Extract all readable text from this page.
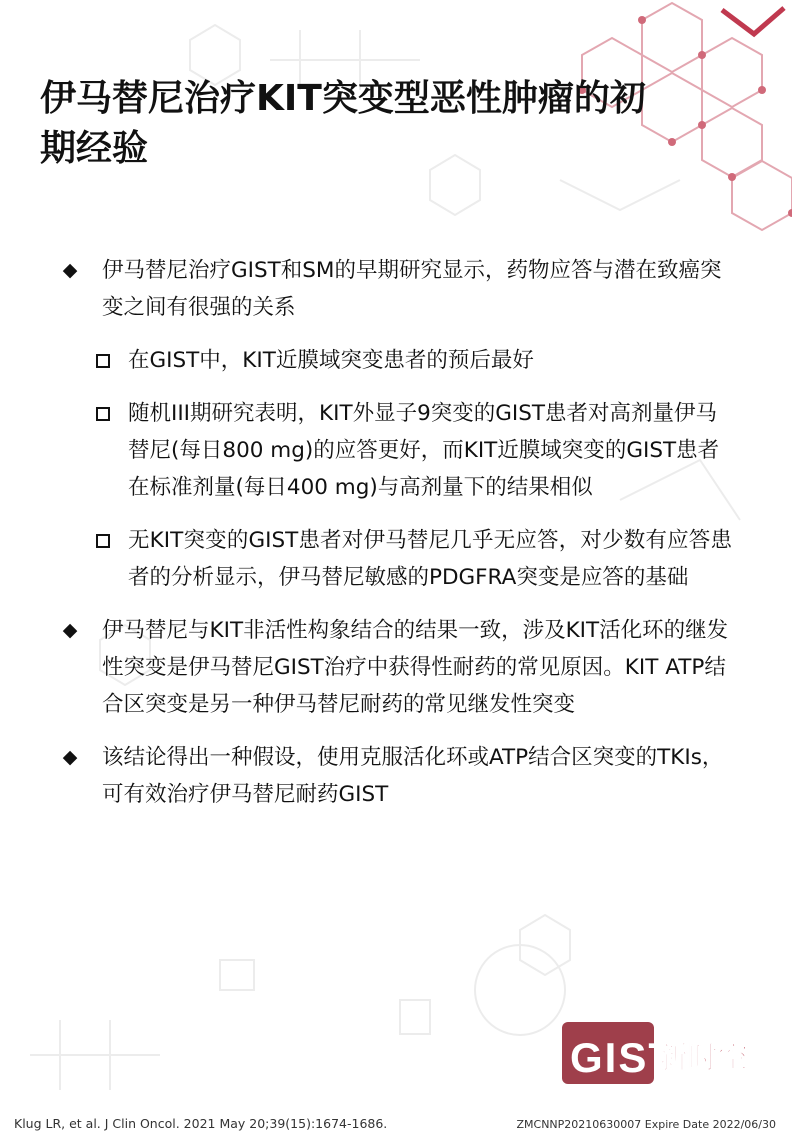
伊马替尼治疗KIT突变型恶性肿瘤的初期经验
◆ 伊马替尼治疗GIST和SM的早期研究显示，药物应答与潜在致癌突变之间有很强的关系
在GIST中，KIT近膜域突变患者的预后最好
随机III期研究表明，KIT外显子9突变的GIST患者对高剂量伊马替尼(每日800 mg)的应答更好，而KIT近膜域突变的GIST患者在标准剂量(每日400 mg)与高剂量下的结果相似
无KIT突变的GIST患者对伊马替尼几乎无应答，对少数有应答患者的分析显示，伊马替尼敏感的PDGFRA突变是应答的基础
◆ 伊马替尼与KIT非活性构象结合的结果一致，涉及KIT活化环的继发性突变是伊马替尼GIST治疗中获得性耐药的常见原因。KIT ATP结合区突变是另一种伊马替尼耐药的常见继发性突变
◆ 该结论得出一种假设，使用克服活化环或ATP结合区突变的TKIs，可有效治疗伊马替尼耐药GIST
GIST
新时空
Klug LR, et al. J Clin Oncol. 2021 May 20;39(15):1674-1686.	ZMCNNP20210630007 Expire Date 2022/06/30
